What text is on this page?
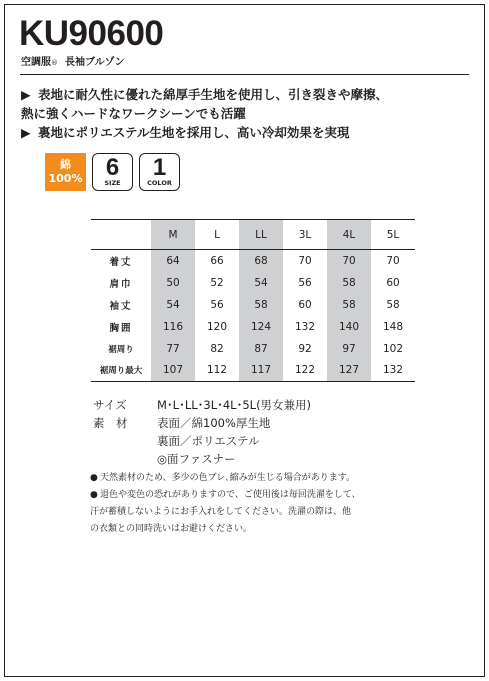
KU90600
空調服® 長袖ブルゾン
▶ 表地に耐久性に優れた綿厚手生地を使用し、引き裂きや摩擦、
熱に強くハードなワークシーンでも活躍
▶ 裏地にポリエステル生地を採用し、高い冷却効果を実現
綿
100% 6
SIZE
1
COLOR
	M	L	LL	3L	4L	5L
着丈	64	66	68	70	70	70
肩巾	50	52	54	56	58	60
袖丈	54	56	58	60	58	58
胸囲	116	120	124	132	140	148
裾周り	77	82	87	92	97	102
裾周り最大	107	112	117	122	127	132
サイズ	M･L･LL･3L･4L･5L(男女兼用)
素　材	表面／綿100%厚生地
裏面／ポリエステル
◎面ファスナー
● 天然素材のため、多少の色ブレ､縮みが生じる場合があります。
● 退色や変色の恐れがありますので、ご使用後は毎回洗濯をして、
汗が蓄積しないようにお手入れをしてください。洗濯の際は、他
の衣類との同時洗いはお避けください。
